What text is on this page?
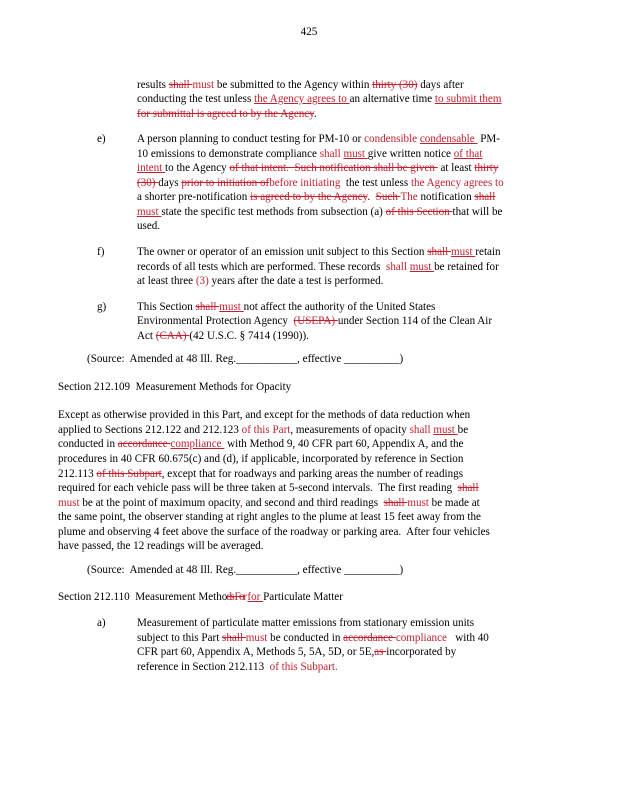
425
results shall must be submitted to the Agency within thirty (30) days after
conducting the test unless the Agency agrees to an alternative time to submit them
for submittal is agreed to by the Agency.
e)	A person planning to conduct testing for PM-10 or condensible condensable  PM-
10 emissions to demonstrate compliance shall must give written notice of that
intent to the Agency of that intent.  Such notification shall be given  at least thirty
(30) days prior to initiation ofbefore initiating  the test unless the Agency agrees to
a shorter pre-notification is agreed to by the Agency.  Such The notification shall
must state the specific test methods from subsection (a) of this Section that will be
used.
f)	The owner or operator of an emission unit subject to this Section shall must retain
records of all tests which are performed. These records  shall must be retained for
at least three (3) years after the date a test is performed.
g)	This Section shall must not affect the authority of the United States
Environmental Protection Agency  (USEPA) under Section 114 of the Clean Air
Act (CAA) (42 U.S.C. § 7414 (1990)).
(Source:  Amended at 48 Ill. Reg.___________, effective __________)
Section 212.109  Measurement Methods for Opacity
Except as otherwise provided in this Part, and except for the methods of data reduction when
applied to Sections 212.122 and 212.123 of this Part, measurements of opacity shall must be
conducted in accordance compliance  with Method 9, 40 CFR part 60, Appendix A, and the
procedures in 40 CFR 60.675(c) and (d), if applicable, incorporated by reference in Section
212.113 of this Subpart, except that for roadways and parking areas the number of readings
required for each vehicle pass will be three taken at 5-second intervals.  The first reading  shall
must be at the point of maximum opacity, and second and third readings  shall must be made at
the same point, the observer standing at right angles to the plume at least 15 feet away from the
plume and observing 4 feet above the surface of the roadway or parking area.  After four vehicles
have passed, the 12 readings will be averaged.
(Source:  Amended at 48 Ill. Reg.___________, effective __________)
Section 212.110  Measurement Methods For for Particulate Matter
a)	Measurement of particulate matter emissions from stationary emission units
subject to this Part shall must be conducted in accordance compliance   with 40
CFR part 60, Appendix A, Methods 5, 5A, 5D, or 5E,as incorporated by
reference in Section 212.113  of this Subpart.
